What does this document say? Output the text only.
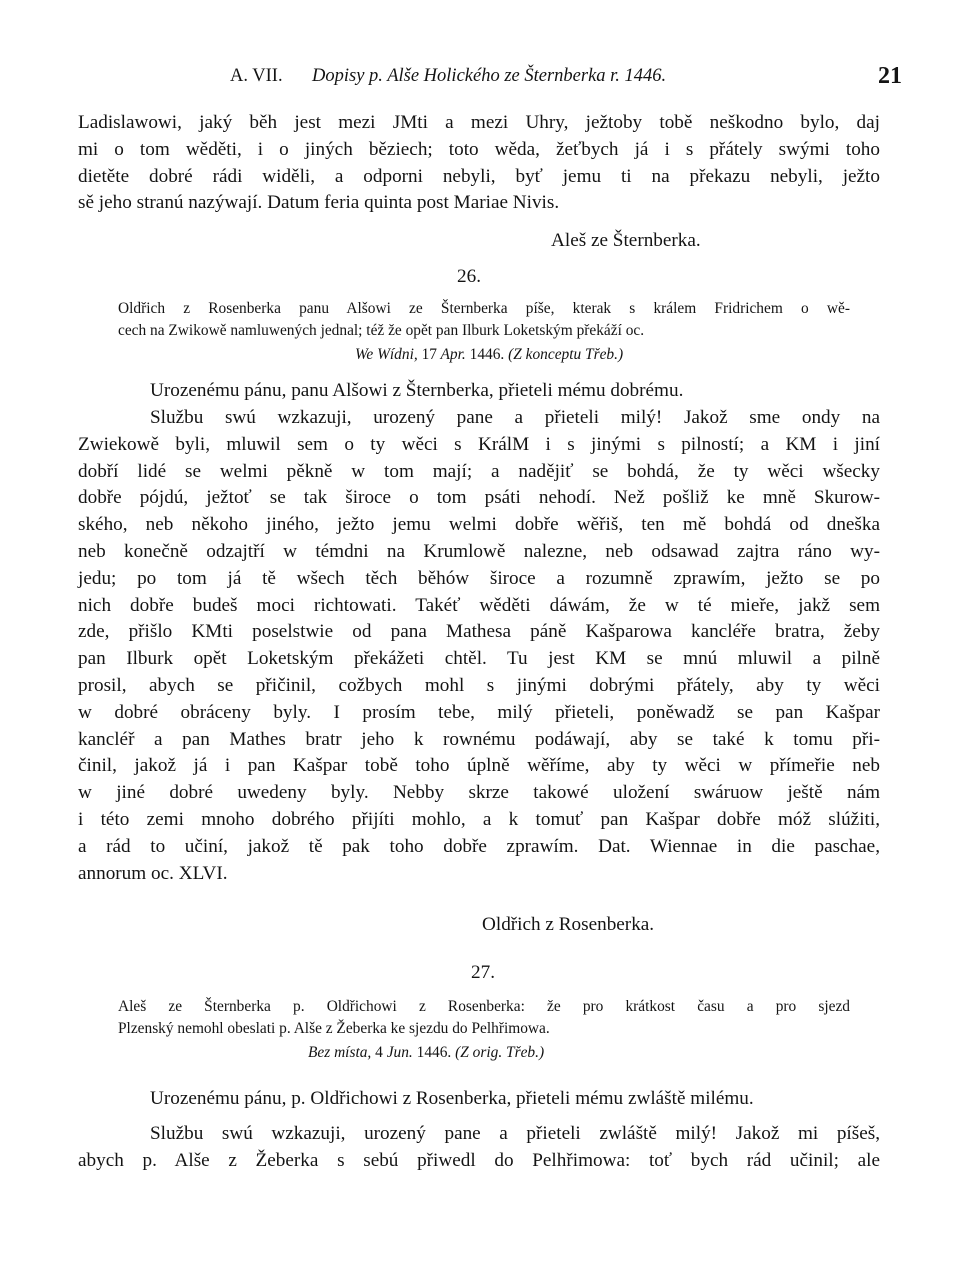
A. VII. Dopisy p. Alše Holického ze Šternberka r. 1446.	21
Ladislawowi, jaký běh jest mezi JMti a mezi Uhry, ježtoby tobě neškodno bylo, daj
mi o tom wěděti, i o jiných běziech; toto wěda, žeťbych já i s přátely swými toho
dietěte dobré rádi widěli, a odporni nebyli, byť jemu ti na překazu nebyli, ježto
sě jeho stranú nazýwají. Datum feria quinta post Mariae Nivis.
Aleš ze Šternberka.
26.
Oldřich z Rosenberka panu Alšowi ze Šternberka píše, kterak s králem Fridrichem o wě-
cech na Zwikowě namluwených jednal; též že opět pan Ilburk Loketským překáží oc.
We Wídni, 17 Apr. 1446. (Z konceptu Třeb.)
Urozenému pánu, panu Alšowi z Šternberka, přieteli mému dobrému.
Službu swú wzkazuji, urozený pane a přieteli milý! Jakož sme ondy na
Zwiekowě byli, mluwil sem o ty wěci s KrálM i s jinými s pilností; a KM i jiní
dobří lidé se welmi pěkně w tom mají; a nadějiť se bohdá, že ty wěci wšecky
dobře pójdú, ježtoť se tak široce o tom psáti nehodí. Než pošliž ke mně Skurow-
ského, neb někoho jiného, ježto jemu welmi dobře wěřiš, ten mě bohdá od dneška
neb konečně odzajtří w témdni na Krumlowě nalezne, neb odsawad zajtra ráno wy-
jedu; po tom já tě wšech těch běhów široce a rozumně zprawím, ježto se po
nich dobře budeš moci richtowati. Takéť wěděti dáwám, že w té mieře, jakž sem
zde, přišlo KMti poselstwie od pana Mathesa páně Kašparowa kancléře bratra, žeby
pan Ilburk opět Loketským překážeti chtěl. Tu jest KM se mnú mluwil a pilně
prosil, abych se přičinil, cožbych mohl s jinými dobrými přátely, aby ty wěci
w dobré obráceny byly. I prosím tebe, milý přieteli, poněwadž se pan Kašpar
kancléř a pan Mathes bratr jeho k rownému podáwají, aby se také k tomu při-
činil, jakož já i pan Kašpar tobě toho úplně wěříme, aby ty wěci w přímeřie neb
w jiné dobré uwedeny byly. Nebby skrze takowé uložení swáruow ještě nám
i této zemi mnoho dobrého přijíti mohlo, a k tomuť pan Kašpar dobře móž slúžiti,
a rád to učiní, jakož tě pak toho dobře zprawím. Dat. Wiennae in die paschae,
annorum oc. XLVI.
Oldřich z Rosenberka.
27.
Aleš ze Šternberka p. Oldřichowi z Rosenberka: že pro krátkost času a pro sjezd
Plzenský nemohl obeslati p. Alše z Žeberka ke sjezdu do Pelhřimowa.
Bez místa, 4 Jun. 1446. (Z orig. Třeb.)
Urozenému pánu, p. Oldřichowi z Rosenberka, přieteli mému zwláště milému.
Službu swú wzkazuji, urozený pane a přieteli zwláště milý! Jakož mi píšeš,
abych p. Alše z Žeberka s sebú přiwedl do Pelhřimowa: toť bych rád učinil; ale
